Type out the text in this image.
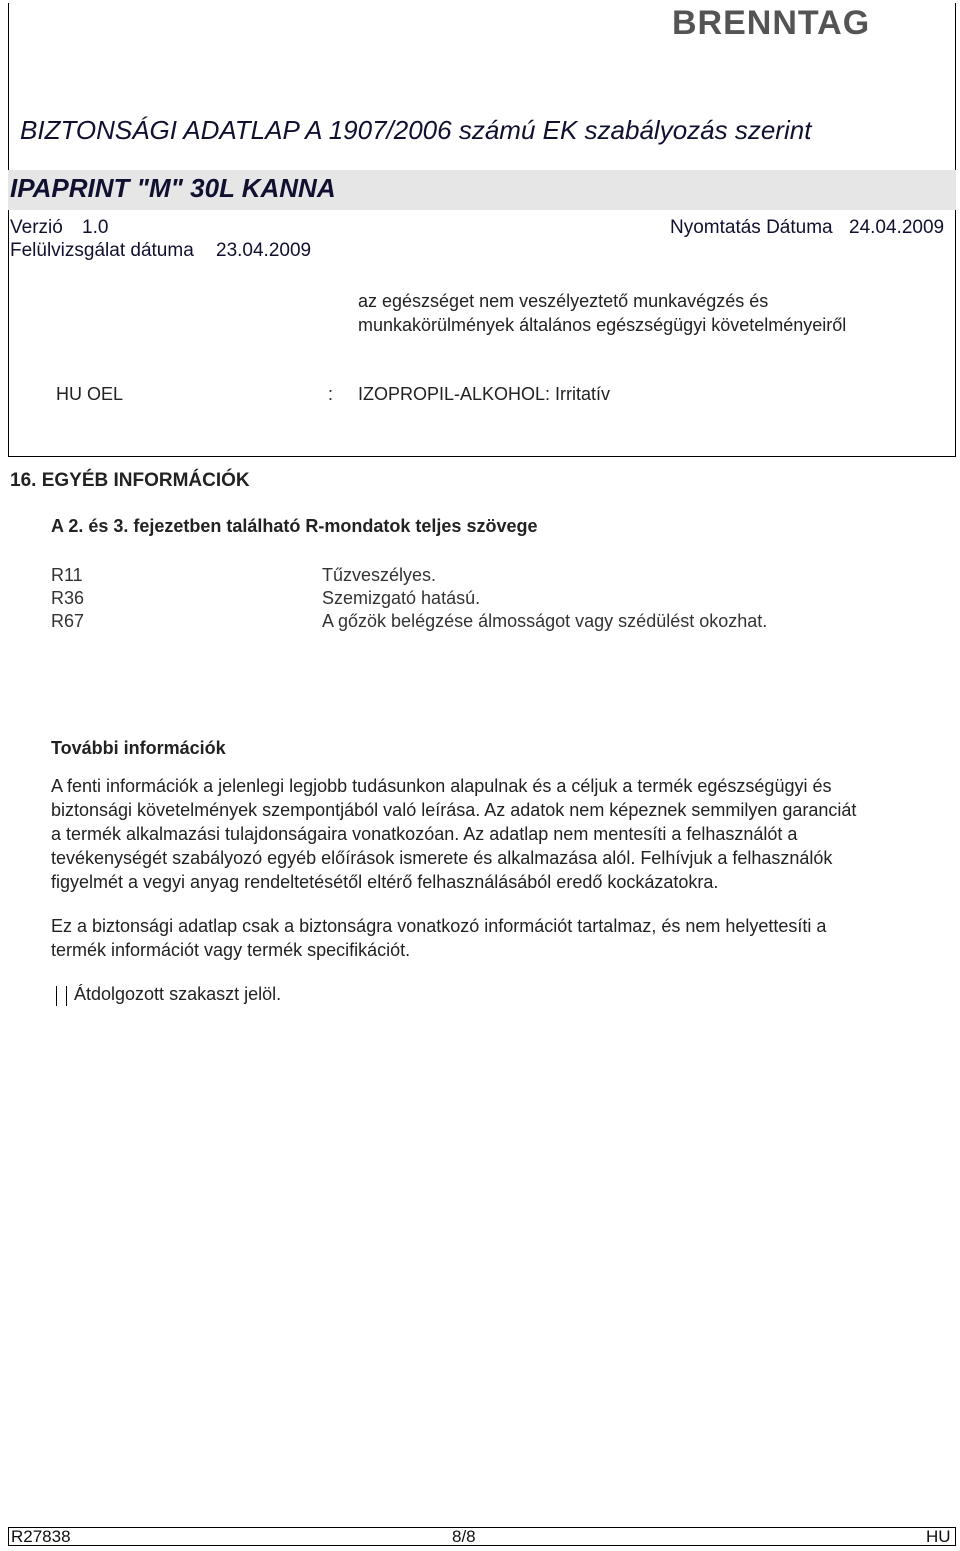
BRENNTAG
BIZTONSÁGI ADATLAP A 1907/2006 számú EK szabályozás szerint
IPAPRINT "M" 30L KANNA
Verzió 1.0	Nyomtatás Dátuma 24.04.2009
Felülvizsgálat dátuma 23.04.2009
az egészséget nem veszélyeztető munkavégzés és
munkakörülmények általános egészségügyi követelményeiről
HU OEL	: IZOPROPIL-ALKOHOL: Irritatív
16. EGYÉB INFORMÁCIÓK
A 2. és 3. fejezetben található R-mondatok teljes szövege
R11	Tűzveszélyes.
R36	Szemizgató hatású.
R67	A gőzök belégzése álmosságot vagy szédülést okozhat.
További információk
A fenti információk a jelenlegi legjobb tudásunkon alapulnak és a céljuk a termék egészségügyi és
biztonsági követelmények szempontjából való leírása. Az adatok nem képeznek semmilyen garanciát
a termék alkalmazási tulajdonságaira vonatkozóan. Az adatlap nem mentesíti a felhasználót a
tevékenységét szabályozó egyéb előírások ismerete és alkalmazása alól. Felhívjuk a felhasználók
figyelmét a vegyi anyag rendeltetésétől eltérő felhasználásából eredő kockázatokra.
Ez a biztonsági adatlap csak a biztonságra vonatkozó információt tartalmaz, és nem helyettesíti a
termék információt vagy termék specifikációt.
Átdolgozott szakaszt jelöl.
R27838	8/8	HU
